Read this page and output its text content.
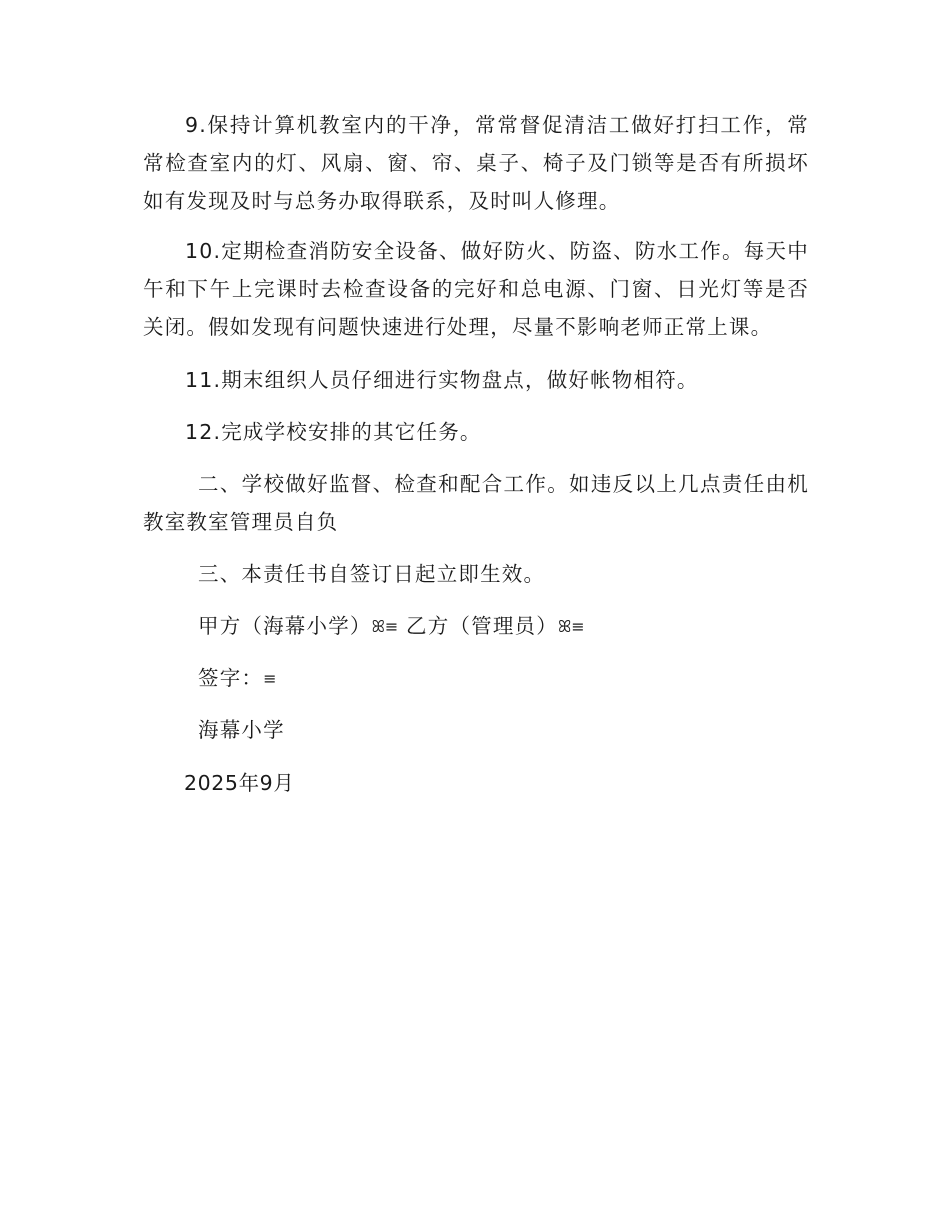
9.保持计算机教室内的干净，常常督促清洁工做好打扫工作，常常检查室内的灯、风扇、窗、帘、桌子、椅子及门锁等是否有所损坏如有发现及时与总务办取得联系，及时叫人修理。

10.定期检查消防安全设备、做好防火、防盗、防水工作。每天中午和下午上完课时去检查设备的完好和总电源、门窗、日光灯等是否关闭。假如发现有问题快速进行处理，尽量不影响老师正常上课。

11.期末组织人员仔细进行实物盘点，做好帐物相符。

12.完成学校安排的其它任务。

二、学校做好监督、检查和配合工作。如违反以上几点责任由机教室教室管理员自负

三、本责任书自签订日起立即生效。

甲方（海幕小学）ꕤ≡ 乙方（管理员）ꕤ≡
签字：≡

海幕小学

2025年9月
